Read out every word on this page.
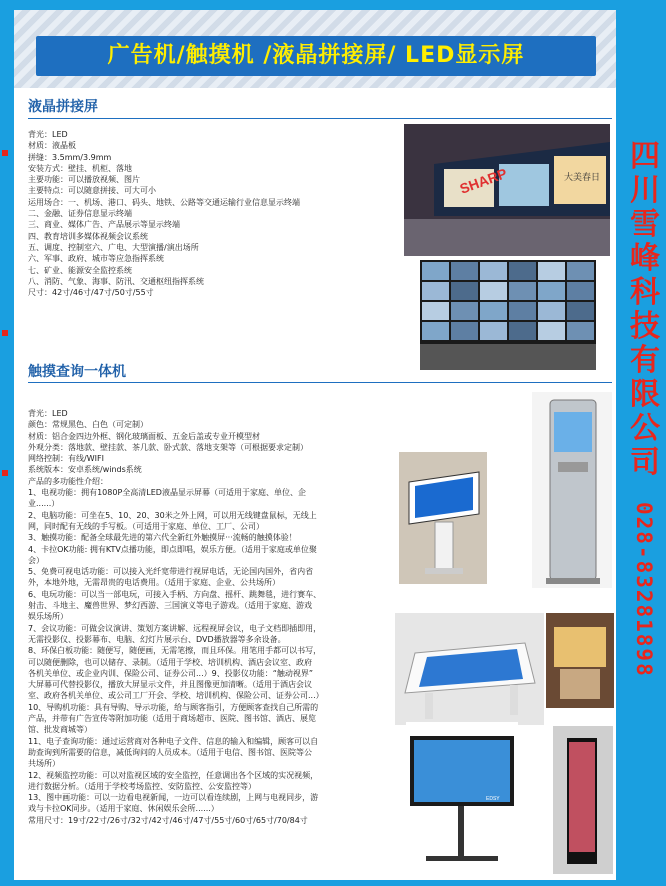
广告机/触摸机 /液晶拼接屏/ LED显示屏
液晶拼接屏
背光：LED
材质：液晶板
拼缝：3.5mm/3.9mm
安装方式：壁挂、机柜、落地
主要功能：可以播放视频、图片
主要特点：可以随意拼接、可大可小
运用场合：一、机场、港口、码头、地铁、公路等交通运输行业信息显示终端
二、金融、证券信息显示终端
三、商业、媒体广告、产品展示等显示终端
四、教育培训多媒体视频会议系统
五、调度、控制室六、广电、大型演播/演出场所
六、军事、政府、城市等应急指挥系统
七、矿业、能源安全监控系统
八、消防、气象、海事、防汛、交通枢纽指挥系统
尺寸：42寸/46寸/47寸/50寸/55寸
SHARP	大美春日
触摸查询一体机
背光：LED
颜色：常规黑色、白色（可定制）
材质：铝合金四边外框、钢化玻璃面板、五金后盖或专业开模型材
外观分类：落地款、壁挂款、茶几款、卧式款、落地支架等（可根据要求定制）
网络控制：有线/WIFI
系统版本：安卓系统/winds系统
产品的多功能性介绍：
1、电视功能：拥有1080P全高清LED液晶显示屏幕（可适用于家庭、单位、企
业......）
2、电脑功能：可坐在5、10、20、30米之外上网，可以用无线键盘鼠标，无线上
网，同时配有无线的手写板。（可适用于家庭、单位、工厂、公司）
3、触摸功能：配备全球最先进的第六代全新红外触摸屏···流畅的触摸体验！
4、卡拉OK功能: 拥有KTV点播功能，即点即唱，娱乐方便。（适用于家庭或单位聚
会）
5、免费可视电话功能：可以接入光纤宽带进行视屏电话，无论国内国外，省内省
外，本地外地，无需昂贵的电话费用。（适用于家庭、企业、公共场所）
6、电玩功能：可以当一部电玩，可接入手柄、方向盘、摇杆、跳舞毯，进行赛车、
射击、斗地主、魔兽世界、梦幻西游、三国演义等电子游戏。（适用于家庭、游戏
娱乐场所）
7、会议功能：可做会议演讲、策划方案讲解、远程视屏会议，电子文档即插即用，
无需投影仪、投影幕布、电脑、幻灯片展示台、DVD播放器等多余设备。
8、环保白板功能：随便写，随便画，无需笔擦，而且环保。用笔用手都可以书写，
可以随便删除，也可以储存、录制。（适用于学校、培训机构、酒店会议室、政府
各机关单位、或企业内训、保险公司、证券公司...）9、投影仪功能：“触动视界”
大屏幕可代替投影仪，播放大屏显示文件，并且图像更加清晰。（适用于酒店会议
室、政府各机关单位、或公司工厂开会、学校、培训机构、保险公司、证券公司...）
10、导购机功能：具有导购、导示功能，给与顾客指引，方便顾客查找自己所需的
产品，并带有广告宣传等附加功能（适用于商场超市、医院、图书馆、酒店、展览
馆、批发商城等）
11、电子查询功能：通过运营商对各种电子文件、信息的输入和编辑，顾客可以自
助查询到所需要的信息，减低询问的人员成本。（适用于电信、图书馆、医院等公
共场所）
12、视频监控功能：可以对监视区域的安全监控，任意调出各个区域的实况视频，
进行数据分析。（适用于学校考场监控、安防监控、公安监控等）
13、图中画功能：可以一边看电视新闻，一边可以看连续剧，上网与电视同步，游
戏与卡拉OK同步。（适用于家庭、休闲娱乐会所......）
常用尺寸：19寸/22寸/26寸/32寸/42寸/46寸/47寸/55寸/60寸/65寸/70/84寸
EDSY
四
川
雪
峰
科
技
有
限
公
司
028-83281898
